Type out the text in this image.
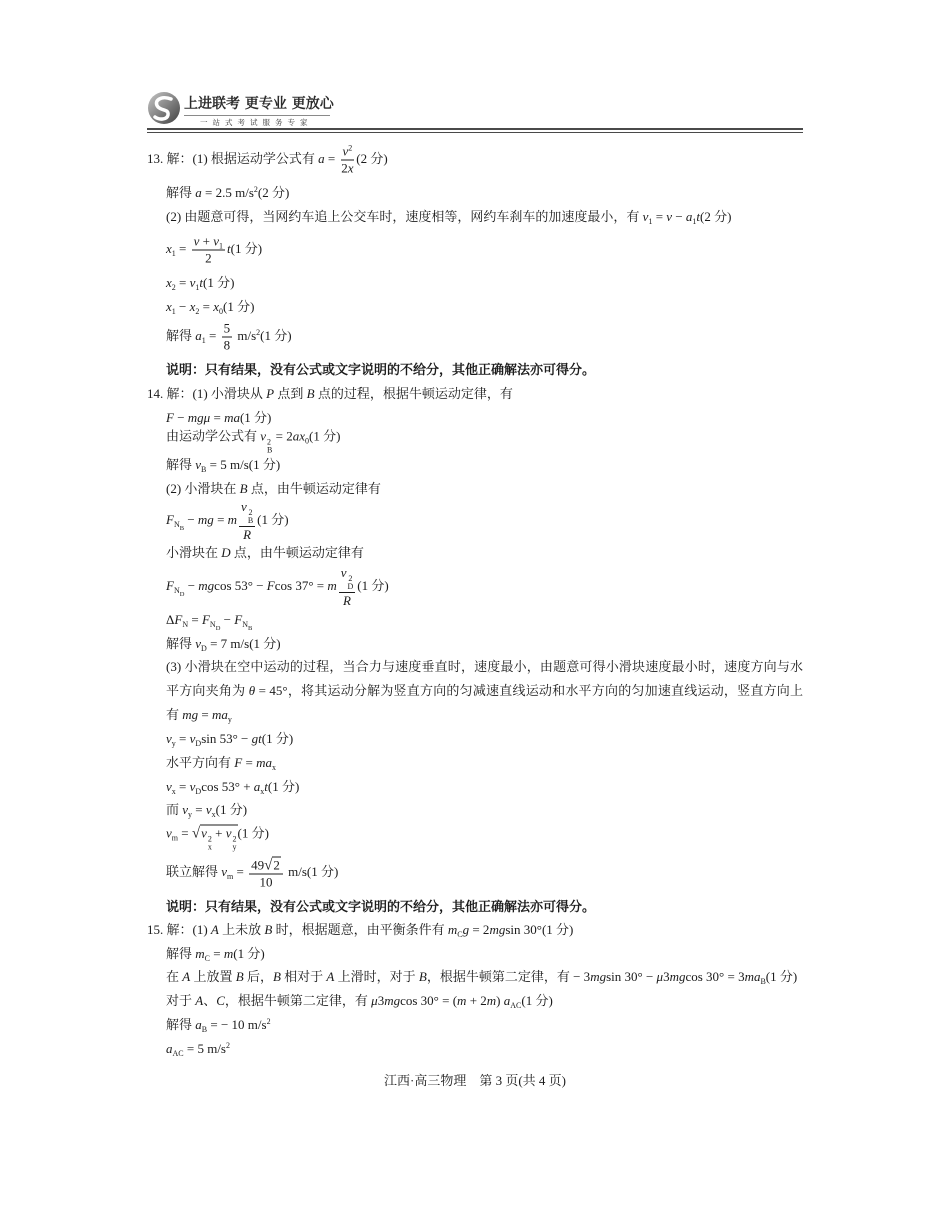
上进联考 更专业 更放心
一站式考试服务专家
13. 解：(1) 根据运动学公式有 $a = \frac{v^2}{2x} (2$ 分)
解得 a = 2.5 $m/s^2(2$ 分)
(2) 由题意可得，当网约车追上公交车时，速度相等，网约车刹车的加速度最小，有 $v_1 = v - a_1t(2$ 分)
$x_1 = \frac{v + v_1}{2} t(1$ 分)
$x_2 = v_1t(1$ 分)
$x_1 - x_2 = x_0(1$ 分)
解得 $a_1 = \frac{5}{8} m/s^2(1$ 分)
说明：只有结果，没有公式或文字说明的不给分，其他正确解法亦可得分。
14. 解：(1) 小滑块从 P 点到 B 点的过程，根据牛顿运动定律，有
F − mgμ = ma(1 分)
由运动学公式有 v 2
B
= $2ax_0(1$ 分)
解得 $v_B = 5$ m/s(1 分)
(2) 小滑块在 B 点，由牛顿运动定律有
$F_{NB}$ − mg = m v 2
B
R (1 分)
小滑块在 D 点，由牛顿运动定律有
$F_{ND} - mgcos$ 53° − Fcos 37° = m v 2
D
R (1 分)
$\Delta F_N = F_{ND} - F_{NB}$
解得 $v_D = 7$ m/s(1 分)
(3) 小滑块在空中运动的过程，当合力与速度垂直时，速度最小，由题意可得小滑块速度最小时，速度方向与水
平方向夹角为 θ = 45°，将其运动分解为竖直方向的匀减速直线运动和水平方向的匀加速直线运动，竖直方向上
有 mg = $ma_y$
$v_y = v_D\sin$ 53° − gt(1 分)
水平方向有 $F = ma_x$
$v_x = v_D\cos$ $53^\circ + a_xt(1$ 分)
而 $v_y = v_x(1$ 分)
$v_m = √v$ 2
x
+ v 2
y
(1 分)
联立解得 $v_m = \frac{49√2}{10} m/s(1$ 分)
说明：只有结果，没有公式或文字说明的不给分，其他正确解法亦可得分。
15. 解：(1) A 上未放 B 时，根据题意，由平衡条件有 $m_Cg = 2mgsin$ 30°(1 分)
解得 $m_C = m(1$ 分)
在 A 上放置 B 后，B 相对于 A 上滑时，对于 B，根据牛顿第二定律，有 − 3mgsin 30° − μ3mgcos $30^\circ = 3ma_B(1$ 分)
对于 A、C，根据牛顿第二定律，有 μ3mgcos 30° = (m + 2m) $a_{AC}(1$ 分)
解得 $a_B$ = − 10 $m/s^2$
$a_{AC} = 5$ $m/s^2$
江西·高三物理　第 3 页(共 4 页)
